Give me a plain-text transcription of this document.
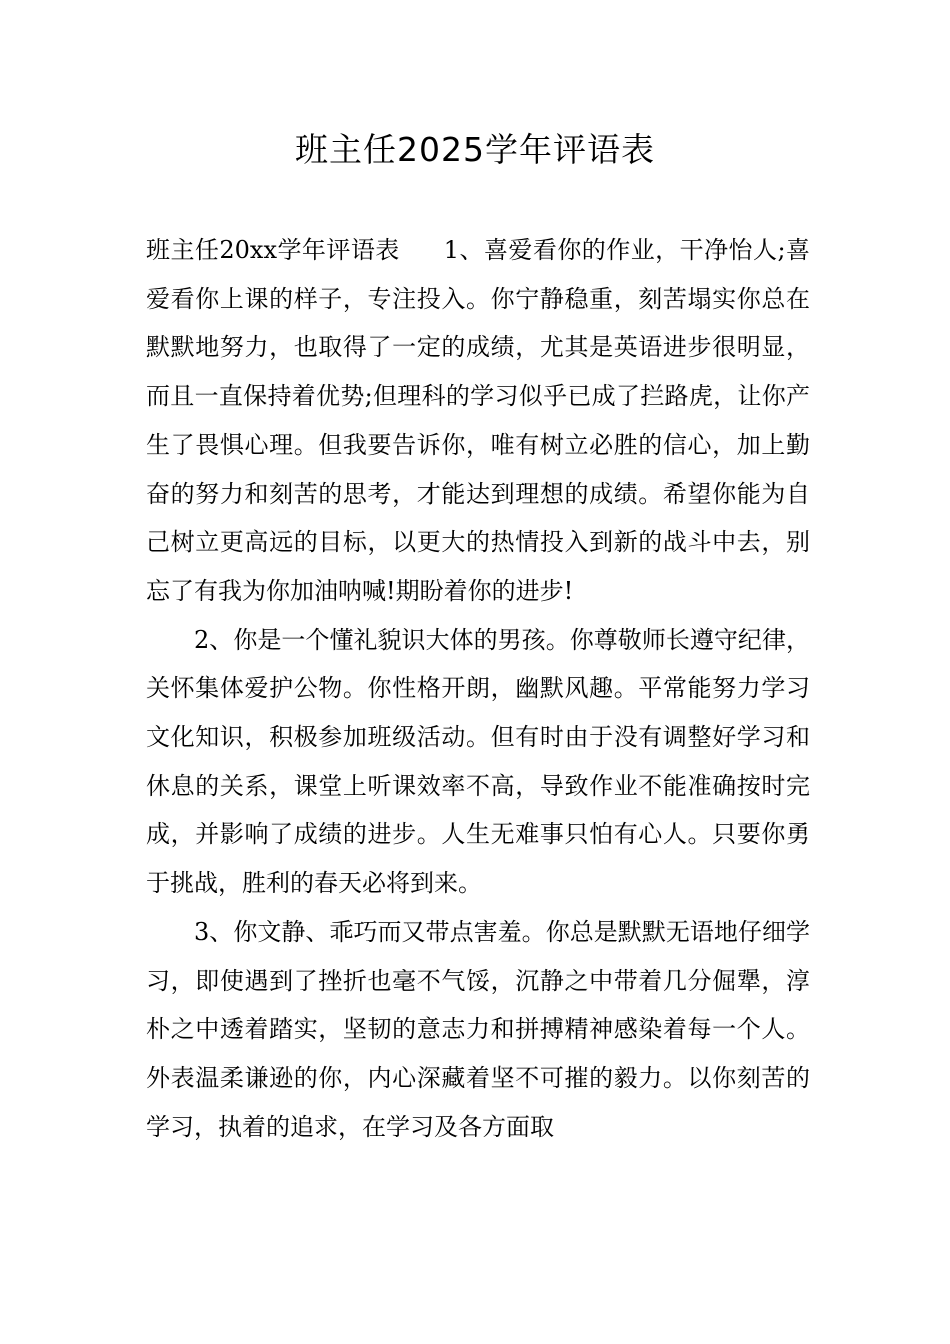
班主任2025学年评语表

班主任20xx学年评语表 1、喜爱看你的作业，干净怡人;喜爱看你上课的样子，专注投入。你宁静稳重，刻苦塌实你总在默默地努力，也取得了一定的成绩，尤其是英语进步很明显，而且一直保持着优势;但理科的学习似乎已成了拦路虎，让你产生了畏惧心理。但我要告诉你，唯有树立必胜的信心，加上勤奋的努力和刻苦的思考，才能达到理想的成绩。希望你能为自己树立更高远的目标，以更大的热情投入到新的战斗中去，别忘了有我为你加油呐喊!期盼着你的进步!

2、你是一个懂礼貌识大体的男孩。你尊敬师长遵守纪律，关怀集体爱护公物。你性格开朗，幽默风趣。平常能努力学习文化知识，积极参加班级活动。但有时由于没有调整好学习和休息的关系，课堂上听课效率不高，导致作业不能准确按时完成，并影响了成绩的进步。人生无难事只怕有心人。只要你勇于挑战，胜利的春天必将到来。

3、你文静、乖巧而又带点害羞。你总是默默无语地仔细学习，即使遇到了挫折也毫不气馁，沉静之中带着几分倔犟，淳朴之中透着踏实，坚韧的意志力和拼搏精神感染着每一个人。外表温柔谦逊的你，内心深藏着坚不可摧的毅力。以你刻苦的学习，执着的追求，在学习及各方面取
